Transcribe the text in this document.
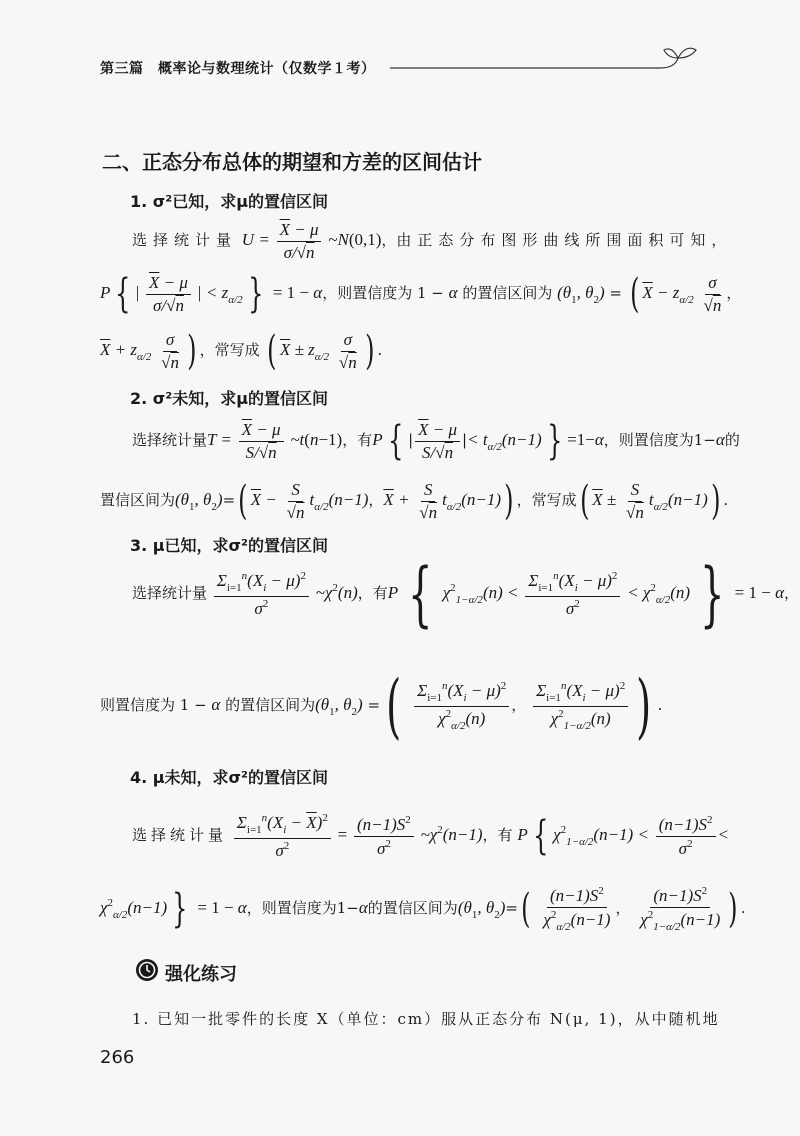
第三篇　概率论与数理统计（仅数学１考）
二、正态分布总体的期望和方差的区间估计
1. σ²已知，求μ的置信区间
选择统计量 $U = \frac{\overline{X} - \mu}{\sigma/√n}$ ~N(0,1)，由正态分布图形曲线所围面积可知，
P { | $\frac{\overline{X} - \mu}{\sigma/√n}$ | < $z_{\alpha/2}$ } = 1 − α，则置信度为 1 − α 的置信区间为 ($\theta_1$, $\theta_2$) = ( $\overline{X} - z_{\alpha/2} \frac{\sigma}{√n}$ ，
$\overline{X} + z_{\alpha/2} \frac{\sigma}{√n}$ ) ，常写成 ( $\overline{X} \pm z_{\alpha/2} \frac{\sigma}{√n}$ ) .
2. σ²未知，求μ的置信区间
选择统计量$T = \frac{\overline{X} - \mu}{S/√n}$ ~t(n−1)，有P { | $\frac{\overline{X} - \mu}{S/√n}$ |< $t_{\alpha/2}(n-1)$ } =1−α，则置信度为1−α的
置信区间为($\theta_1$, $\theta_2)=$( $\overline{X} - \frac{S}{√n} t_{\alpha/2}(n-1)$，$\overline{X} + \frac{S}{√n} t_{\alpha/2}(n-1)$) ，常写成( $\overline{X} \pm \frac{S}{√n} t_{\alpha/2}(n-1)$) .
3. μ已知，求σ²的置信区间
选择统计量 $\frac{\Sigma_{i=1}^n(X_i - \mu)^2}{\sigma^2}$ $\sim\chi^2(n)$，有P { $\chi^2_{1-\alpha/2}(n) < \frac{\Sigma_{i=1}^n(X_i - \mu)^2}{\sigma^2} < \chi^2_{\alpha/2}(n)$ } = 1 − α，
则置信度为 1 − α 的置信区间为($\theta_1$, $\theta_2$) =( $\frac{\Sigma_{i=1}^n(X_i - \mu)^2}{\chi^2_{\alpha/2}(n)}$ ， $\frac{\Sigma_{i=1}^n(X_i - \mu)^2}{\chi^2_{1-\alpha/2}(n)}$ ) .
4. μ未知，求σ²的置信区间
选择统计量 $\frac{\Sigma_{i=1}^n(X_i - \overline{X})^2}{\sigma^2} = \frac{(n-1)S^2}{\sigma^2}$ $\sim\chi^2(n-1)$，有 P { $\chi^2_{1-\alpha/2}(n-1) < \frac{(n-1)S^2}{\sigma^2}$ <
$\chi^2_{\alpha/2}(n-1)$ } = 1 − α，则置信度为1−α的置信区间为($\theta_1$, $\theta_2)=( \frac{(n-1)S^2}{\chi^2_{\alpha/2}(n-1)}$ ， $\frac{(n-1)S^2}{\chi^2_{1-\alpha/2}(n-1)}$ ) .
强化练习
1. 已知一批零件的长度 X（单位：cm）服从正态分布 N(μ, 1)，从中随机地
266
